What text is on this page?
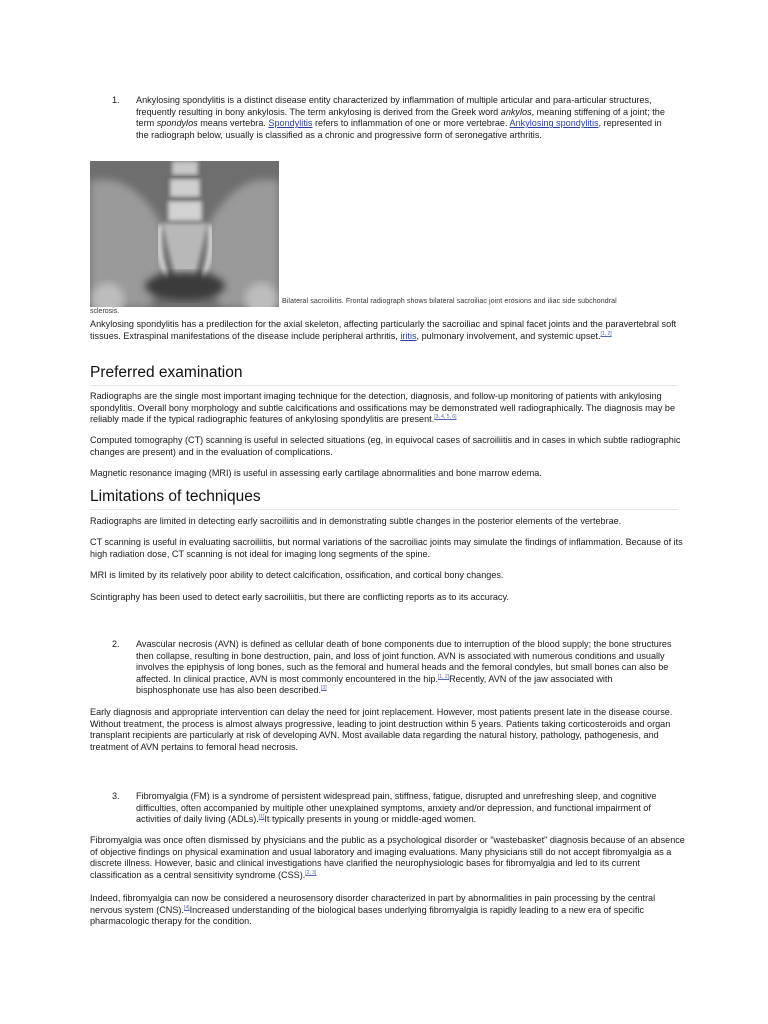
1. Ankylosing spondylitis is a distinct disease entity characterized by inflammation of multiple articular and para-articular structures, frequently resulting in bony ankylosis. The term ankylosing is derived from the Greek word ankylos, meaning stiffening of a joint; the term spondylos means vertebra. Spondylitis refers to inflammation of one or more vertebrae. Ankylosing spondylitis, represented in the radiograph below, usually is classified as a chronic and progressive form of seronegative arthritis.
Bilateral sacroiliitis. Frontal radiograph shows bilateral sacroiliac joint erosions and iliac side subchondral
sclerosis.

Ankylosing spondylitis has a predilection for the axial skeleton, affecting particularly the sacroiliac and spinal facet joints and the paravertebral soft tissues. Extraspinal manifestations of the disease include peripheral arthritis, iritis, pulmonary involvement, and systemic upset.[1, 2]

Preferred examination

Radiographs are the single most important imaging technique for the detection, diagnosis, and follow-up monitoring of patients with ankylosing spondylitis. Overall bony morphology and subtle calcifications and ossifications may be demonstrated well radiographically. The diagnosis may be reliably made if the typical radiographic features of ankylosing spondylitis are present.[3, 4, 5, 6]

Computed tomography (CT) scanning is useful in selected situations (eg, in equivocal cases of sacroiliitis and in cases in which subtle radiographic changes are present) and in the evaluation of complications.

Magnetic resonance imaging (MRI) is useful in assessing early cartilage abnormalities and bone marrow edema.

Limitations of techniques

Radiographs are limited in detecting early sacroiliitis and in demonstrating subtle changes in the posterior elements of the vertebrae.

CT scanning is useful in evaluating sacroiliitis, but normal variations of the sacroiliac joints may simulate the findings of inflammation. Because of its high radiation dose, CT scanning is not ideal for imaging long segments of the spine.

MRI is limited by its relatively poor ability to detect calcification, ossification, and cortical bony changes.

Scintigraphy has been used to detect early sacroiliitis, but there are conflicting reports as to its accuracy.

2. Avascular necrosis (AVN) is defined as cellular death of bone components due to interruption of the blood supply; the bone structures then collapse, resulting in bone destruction, pain, and loss of joint function. AVN is associated with numerous conditions and usually involves the epiphysis of long bones, such as the femoral and humeral heads and the femoral condyles, but small bones can also be affected. In clinical practice, AVN is most commonly encountered in the hip.[1, 2]Recently, AVN of the jaw associated with bisphosphonate use has also been described.[3]

Early diagnosis and appropriate intervention can delay the need for joint replacement. However, most patients present late in the disease course. Without treatment, the process is almost always progressive, leading to joint destruction within 5 years. Patients taking corticosteroids and organ transplant recipients are particularly at risk of developing AVN. Most available data regarding the natural history, pathology, pathogenesis, and treatment of AVN pertains to femoral head necrosis.

3. Fibromyalgia (FM) is a syndrome of persistent widespread pain, stiffness, fatigue, disrupted and unrefreshing sleep, and cognitive difficulties, often accompanied by multiple other unexplained symptoms, anxiety and/or depression, and functional impairment of activities of daily living (ADLs).[1]It typically presents in young or middle-aged women.

Fibromyalgia was once often dismissed by physicians and the public as a psychological disorder or "wastebasket" diagnosis because of an absence of objective findings on physical examination and usual laboratory and imaging evaluations. Many physicians still do not accept fibromyalgia as a discrete illness. However, basic and clinical investigations have clarified the neurophysiologic bases for fibromyalgia and led to its current classification as a central sensitivity syndrome (CSS).[2, 3]

Indeed, fibromyalgia can now be considered a neurosensory disorder characterized in part by abnormalities in pain processing by the central nervous system (CNS).[4]Increased understanding of the biological bases underlying fibromyalgia is rapidly leading to a new era of specific pharmacologic therapy for the condition.
